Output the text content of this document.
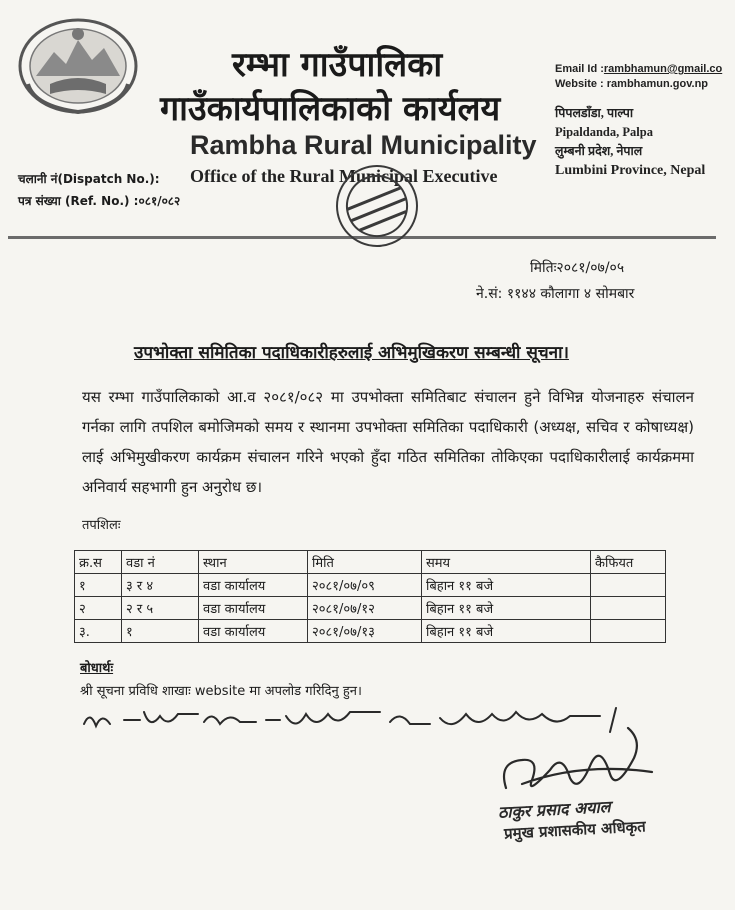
रम्भा गाउँपालिका
गाउँकार्यपालिकाको कार्यलय
Rambha Rural Municipality
Office of the Rural Municipal Executive
Email Id :rambhamun@gmail.co
Website : rambhamun.gov.np
पिपलडाँडा, पाल्पा
Pipaldanda, Palpa
लुम्बनी प्रदेश, नेपाल
Lumbini Province, Nepal
चलानी नं(Dispatch No.):
पत्र संख्या (Ref. No.) :०८१/०८२
मितिः२०८१/०७/०५
ने.सं: ११४४ कौलागा ४ सोमबार
उपभोक्ता समितिका पदाधिकारीहरुलाई अभिमुखिकरण सम्बन्धी सूचना।
यस रम्भा गाउँपालिकाको आ.व २०८१/०८२ मा उपभोक्ता समितिबाट संचालन हुने विभिन्न योजनाहरु संचालन गर्नका लागि तपशिल बमोजिमको समय र स्थानमा उपभोक्ता समितिका पदाधिकारी (अध्यक्ष, सचिव र कोषाध्यक्ष) लाई अभिमुखीकरण कार्यक्रम संचालन गरिने भएको हुँदा गठित समितिका तोकिएका पदाधिकारीलाई कार्यक्रममा अनिवार्य सहभागी हुन अनुरोध छ।
तपशिलः
क्र.स	वडा नं	स्थान	मिति	समय	कैफियत
१	३ र ४	वडा कार्यालय	२०८१/०७/०९	बिहान ११ बजे	
२	२ र ५	वडा कार्यालय	२०८१/०७/१२	बिहान ११ बजे	
३.	१	वडा कार्यालय	२०८१/०७/१३	बिहान ११ बजे	
बोधार्थः
श्री सूचना प्रविधि शाखाः website मा अपलोड गरिदिनु हुन।
ठाकुर प्रसाद अयाल
प्रमुख प्रशासकीय अधिकृत
